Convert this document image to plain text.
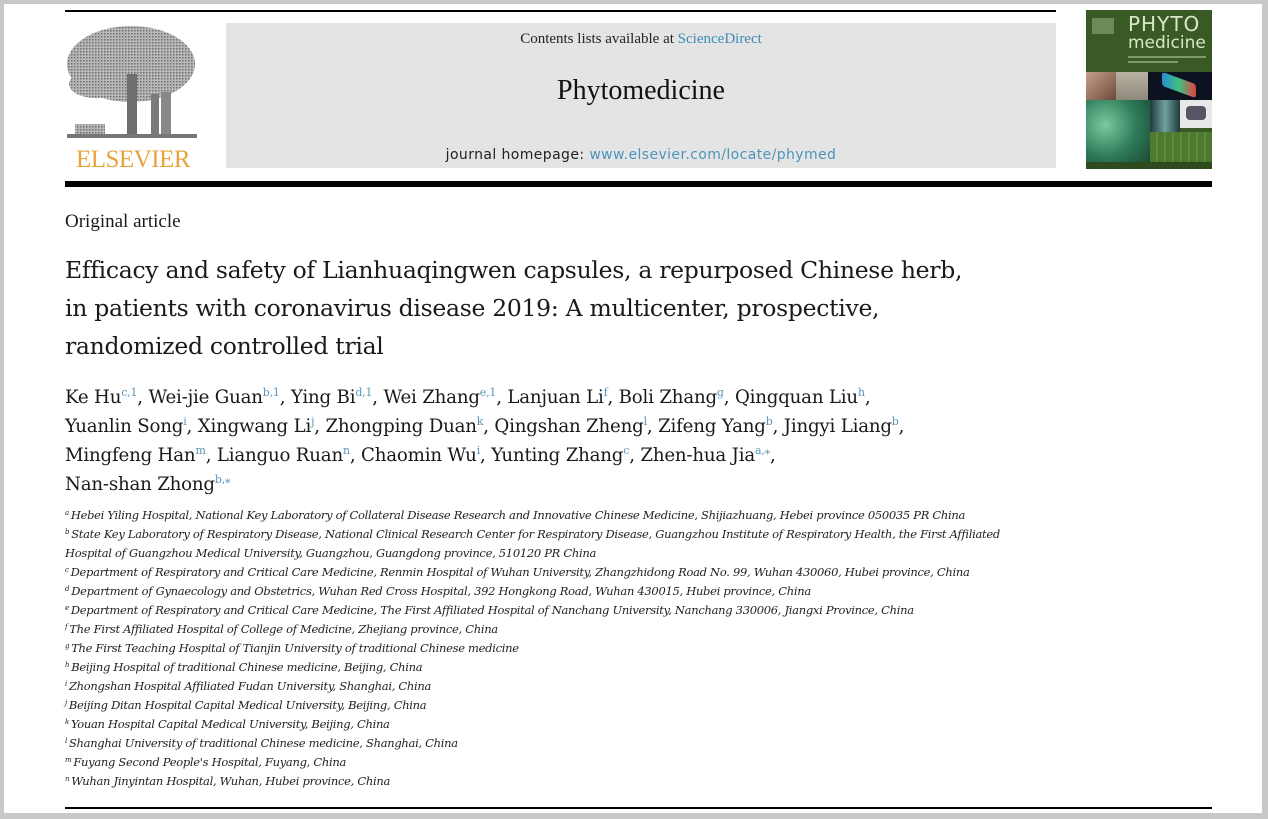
ELSEVIER
Contents lists available at ScienceDirect
Phytomedicine
journal homepage: www.elsevier.com/locate/phymed
PHYTO
medicine
Original article
Efficacy and safety of Lianhuaqingwen capsules, a repurposed Chinese herb,
in patients with coronavirus disease 2019: A multicenter, prospective,
randomized controlled trial
Ke Hu$^{c,1}$, Wei-jie Guan$^{b,1}$, Ying Bi$^{d,1}$, Wei Zhang$^{e,1}$, Lanjuan Li$^f$, Boli Zhang$^g$, Qingquan Liu$^h$,
Yuanlin Song$^i$, Xingwang Li$^j$, Zhongping Duan$^k$, Qingshan Zheng$^l$, Zifeng Yang$^b$, Jingyi Liang$^b$,
Mingfeng Han$^m$, Lianguo Ruan$^n$, Chaomin Wu$^i$, Yunting Zhang$^c$, Zhen-hua Jia$^{a,⁎}$,
Nan-shan Zhong$^{b,⁎}$
$^a$ Hebei Yiling Hospital, National Key Laboratory of Collateral Disease Research and Innovative Chinese Medicine, Shijiazhuang, Hebei province 050035 PR China
$^b$ State Key Laboratory of Respiratory Disease, National Clinical Research Center for Respiratory Disease, Guangzhou Institute of Respiratory Health, the First Affiliated
Hospital of Guangzhou Medical University, Guangzhou, Guangdong province, 510120 PR China
$^c$ Department of Respiratory and Critical Care Medicine, Renmin Hospital of Wuhan University, Zhangzhidong Road No. 99, Wuhan 430060, Hubei province, China
$^d$ Department of Gynaecology and Obstetrics, Wuhan Red Cross Hospital, 392 Hongkong Road, Wuhan 430015, Hubei province, China
$^e$ Department of Respiratory and Critical Care Medicine, The First Affiliated Hospital of Nanchang University, Nanchang 330006, Jiangxi Province, China
$^f$ The First Affiliated Hospital of College of Medicine, Zhejiang province, China
$^g$ The First Teaching Hospital of Tianjin University of traditional Chinese medicine
$^h$ Beijing Hospital of traditional Chinese medicine, Beijing, China
$^i$ Zhongshan Hospital Affiliated Fudan University, Shanghai, China
$^j$ Beijing Ditan Hospital Capital Medical University, Beijing, China
$^k$ Youan Hospital Capital Medical University, Beijing, China
$^l$ Shanghai University of traditional Chinese medicine, Shanghai, China
$^m$ Fuyang Second People's Hospital, Fuyang, China
$^n$ Wuhan Jinyintan Hospital, Wuhan, Hubei province, China
